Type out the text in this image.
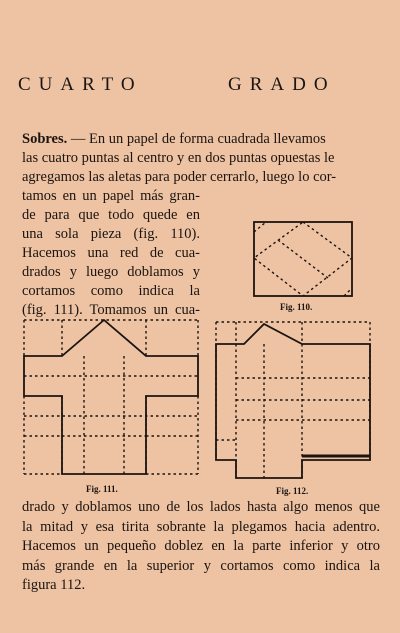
CUARTO	GRADO
Sobres. — En un papel de forma cuadrada llevamos
las cuatro puntas al centro y en dos puntas opuestas le
agregamos las aletas para poder cerrarlo, luego lo cor-
tamos en un papel más gran-
de para que todo quede en
una sola pieza (fig. 110).
Hacemos una red de cua-
drados y luego doblamos y
cortamos como indica la
(fig. 111). Tomamos un cua-	Fig. 110.
Fig. 111.	Fig. 112.
drado y doblamos uno de los lados hasta algo menos que
la mitad y esa tirita sobrante la plegamos hacia adentro.
Hacemos un pequeño doblez en la parte inferior y otro
más grande en la superior y cortamos como indica la
figura 112.
